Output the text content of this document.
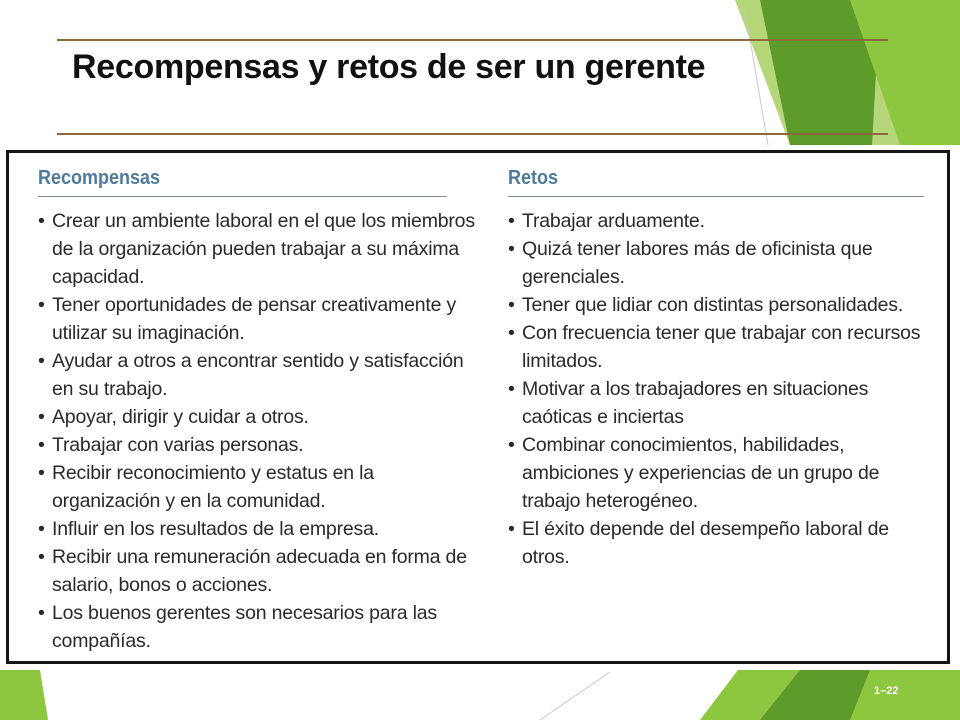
Recompensas y retos de ser un gerente
Recompensas
• Crear un ambiente laboral en el que los miembros de la organización pueden trabajar a su máxima capacidad.
• Tener oportunidades de pensar creativamente y utilizar su imaginación.
• Ayudar a otros a encontrar sentido y satisfacción en su trabajo.
• Apoyar, dirigir y cuidar a otros.
• Trabajar con varias personas.
• Recibir reconocimiento y estatus en la organización y en la comunidad.
• Influir en los resultados de la empresa.
• Recibir una remuneración adecuada en forma de salario, bonos o acciones.
• Los buenos gerentes son necesarios para las compañías.
Retos
• Trabajar arduamente.
• Quizá tener labores más de oficinista que gerenciales.
• Tener que lidiar con distintas personalidades.
• Con frecuencia tener que trabajar con recursos limitados.
• Motivar a los trabajadores en situaciones caóticas e inciertas
• Combinar conocimientos, habilidades, ambiciones y experiencias de un grupo de trabajo heterogéneo.
• El éxito depende del desempeño laboral de otros.
1–22
